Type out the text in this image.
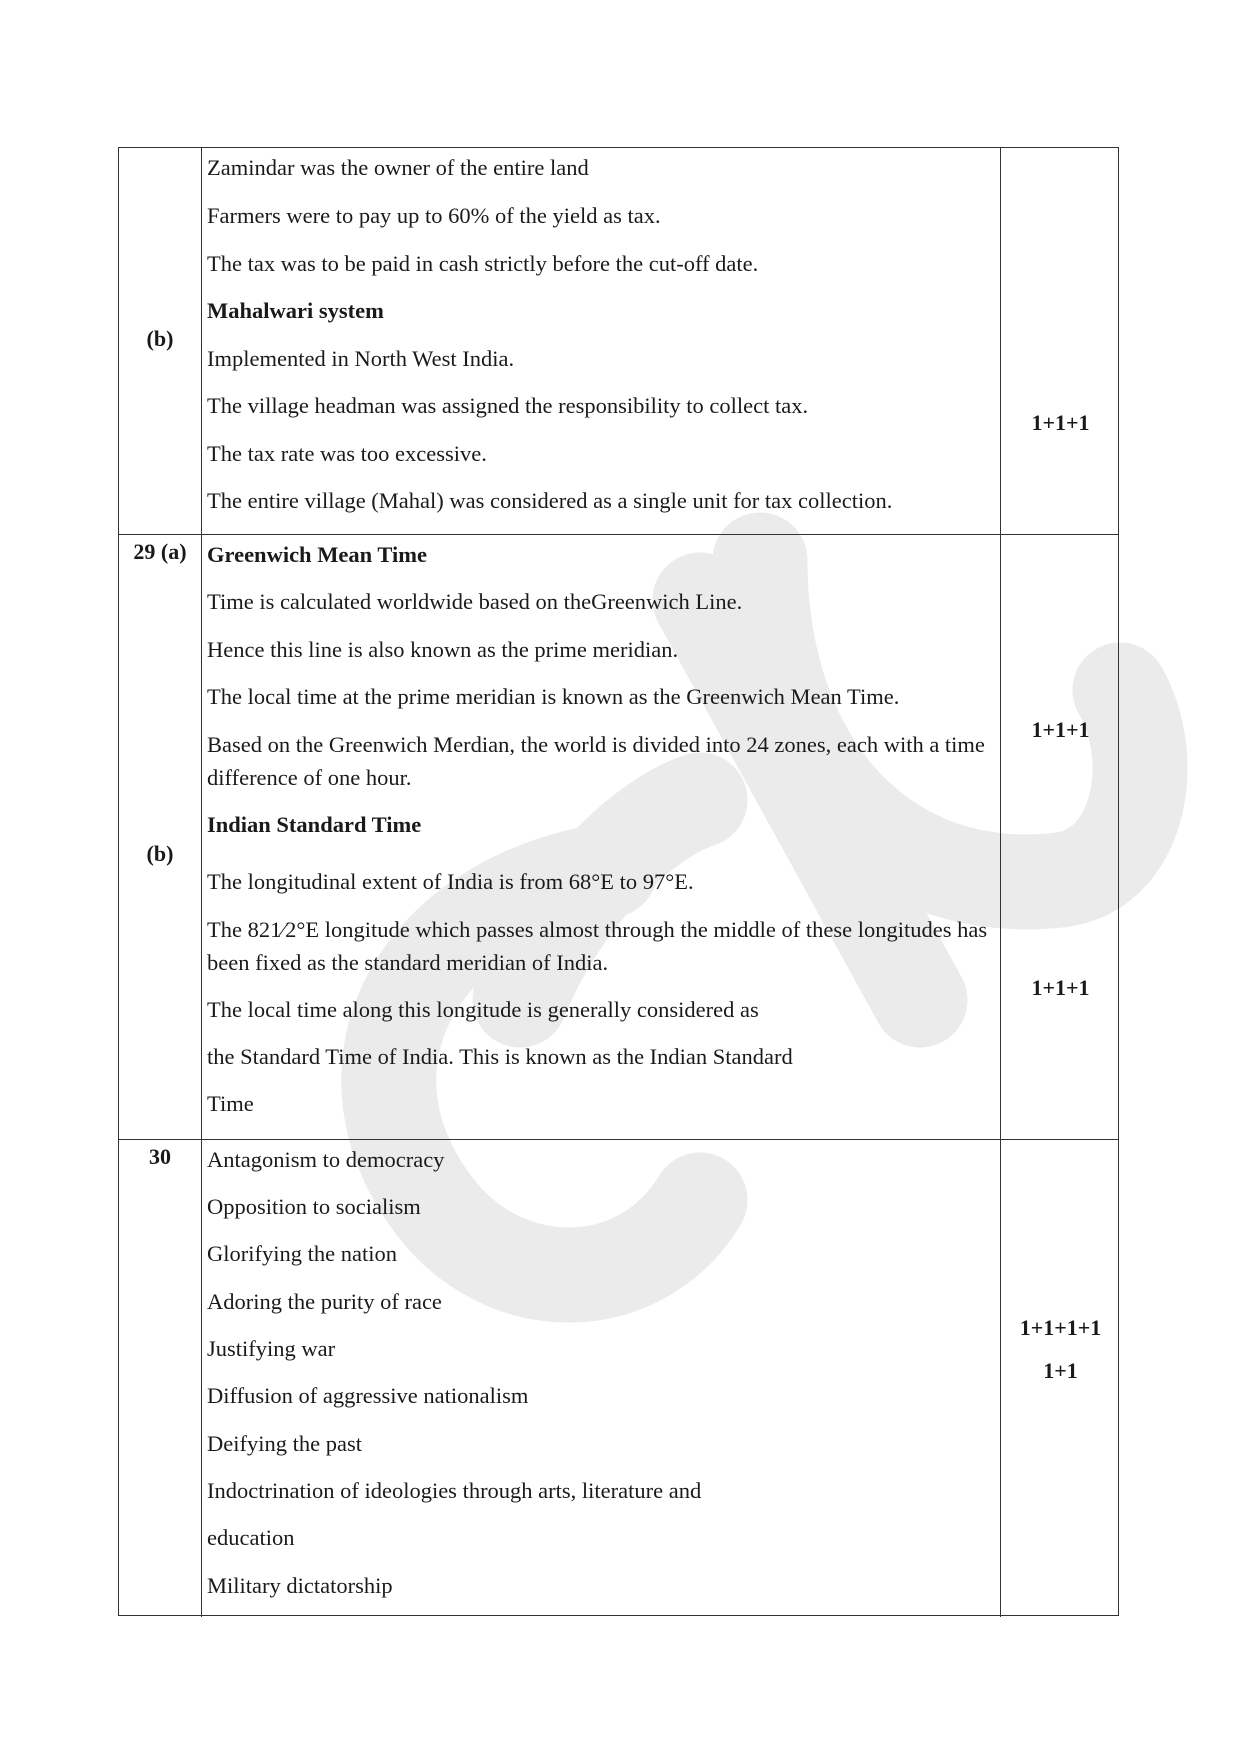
(b)
Zamindar was the owner of the entire land
Farmers were to pay up to 60% of the yield as tax.
The tax was to be paid in cash strictly before the cut-off date.
Mahalwari system
Implemented in North West India.
The village headman was assigned the responsibility to collect tax.
The tax rate was too excessive.
The entire village (Mahal) was considered as a single unit for tax collection.
1+1+1
29 (a)
(b)
Greenwich Mean Time
Time is calculated worldwide based on theGreenwich Line.
Hence this line is also known as the prime meridian.
The local time at the prime meridian is known as the Greenwich Mean Time.
Based on the Greenwich Merdian, the world is divided into 24 zones, each with a time difference of one hour.
Indian Standard Time
The longitudinal extent of India is from 68°E to 97°E.
The 821⁄2°E longitude which passes almost through the middle of these longitudes has been fixed as the standard meridian of India.
The local time along this longitude is generally considered as
the Standard Time of India. This is known as the Indian Standard
Time
1+1+1
1+1+1
30	Antagonism to democracy
Opposition to socialism
Glorifying the nation
Adoring the purity of race
Justifying war
Diffusion of aggressive nationalism
Deifying the past
Indoctrination of ideologies through arts, literature and
education
Military dictatorship
1+1+1+1
1+1
